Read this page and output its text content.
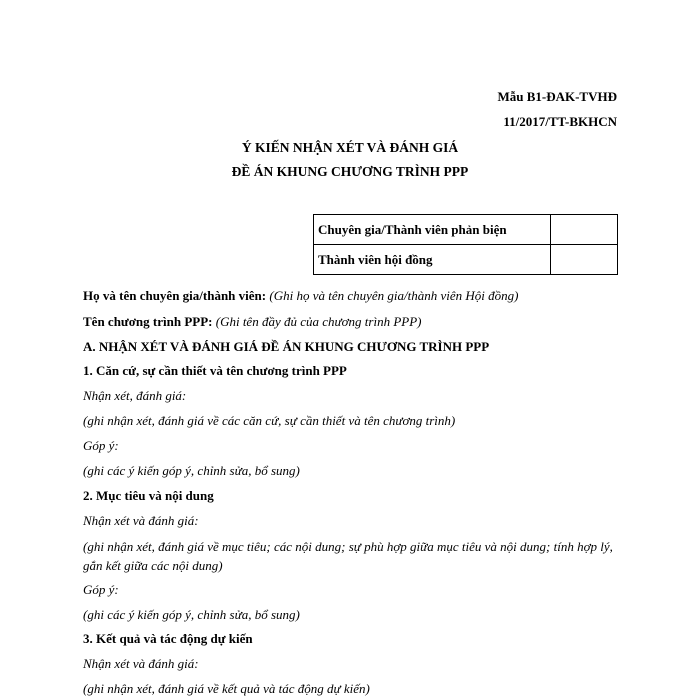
Mẫu B1-ĐAK-TVHĐ
11/2017/TT-BKHCN
Ý KIẾN NHẬN XÉT VÀ ĐÁNH GIÁ
ĐỀ ÁN KHUNG CHƯƠNG TRÌNH PPP
Chuyên gia/Thành viên phản biện	
Thành viên hội đồng	
Họ và tên chuyên gia/thành viên: (Ghi họ và tên chuyên gia/thành viên Hội đồng)
Tên chương trình PPP: (Ghi tên đầy đủ của chương trình PPP)
A. NHẬN XÉT VÀ ĐÁNH GIÁ ĐỀ ÁN KHUNG CHƯƠNG TRÌNH PPP
1. Căn cứ, sự cần thiết và tên chương trình PPP
Nhận xét, đánh giá:
(ghi nhận xét, đánh giá về các căn cứ, sự cần thiết và tên chương trình)
Góp ý:
(ghi các ý kiến góp ý, chỉnh sửa, bổ sung)
2. Mục tiêu và nội dung
Nhận xét và đánh giá:
(ghi nhận xét, đánh giá về mục tiêu; các nội dung; sự phù hợp giữa mục tiêu và nội dung; tính hợp lý, gắn kết giữa các nội dung)
Góp ý:
(ghi các ý kiến góp ý, chỉnh sửa, bổ sung)
3. Kết quả và tác động dự kiến
Nhận xét và đánh giá:
(ghi nhận xét, đánh giá về kết quả và tác động dự kiến)
